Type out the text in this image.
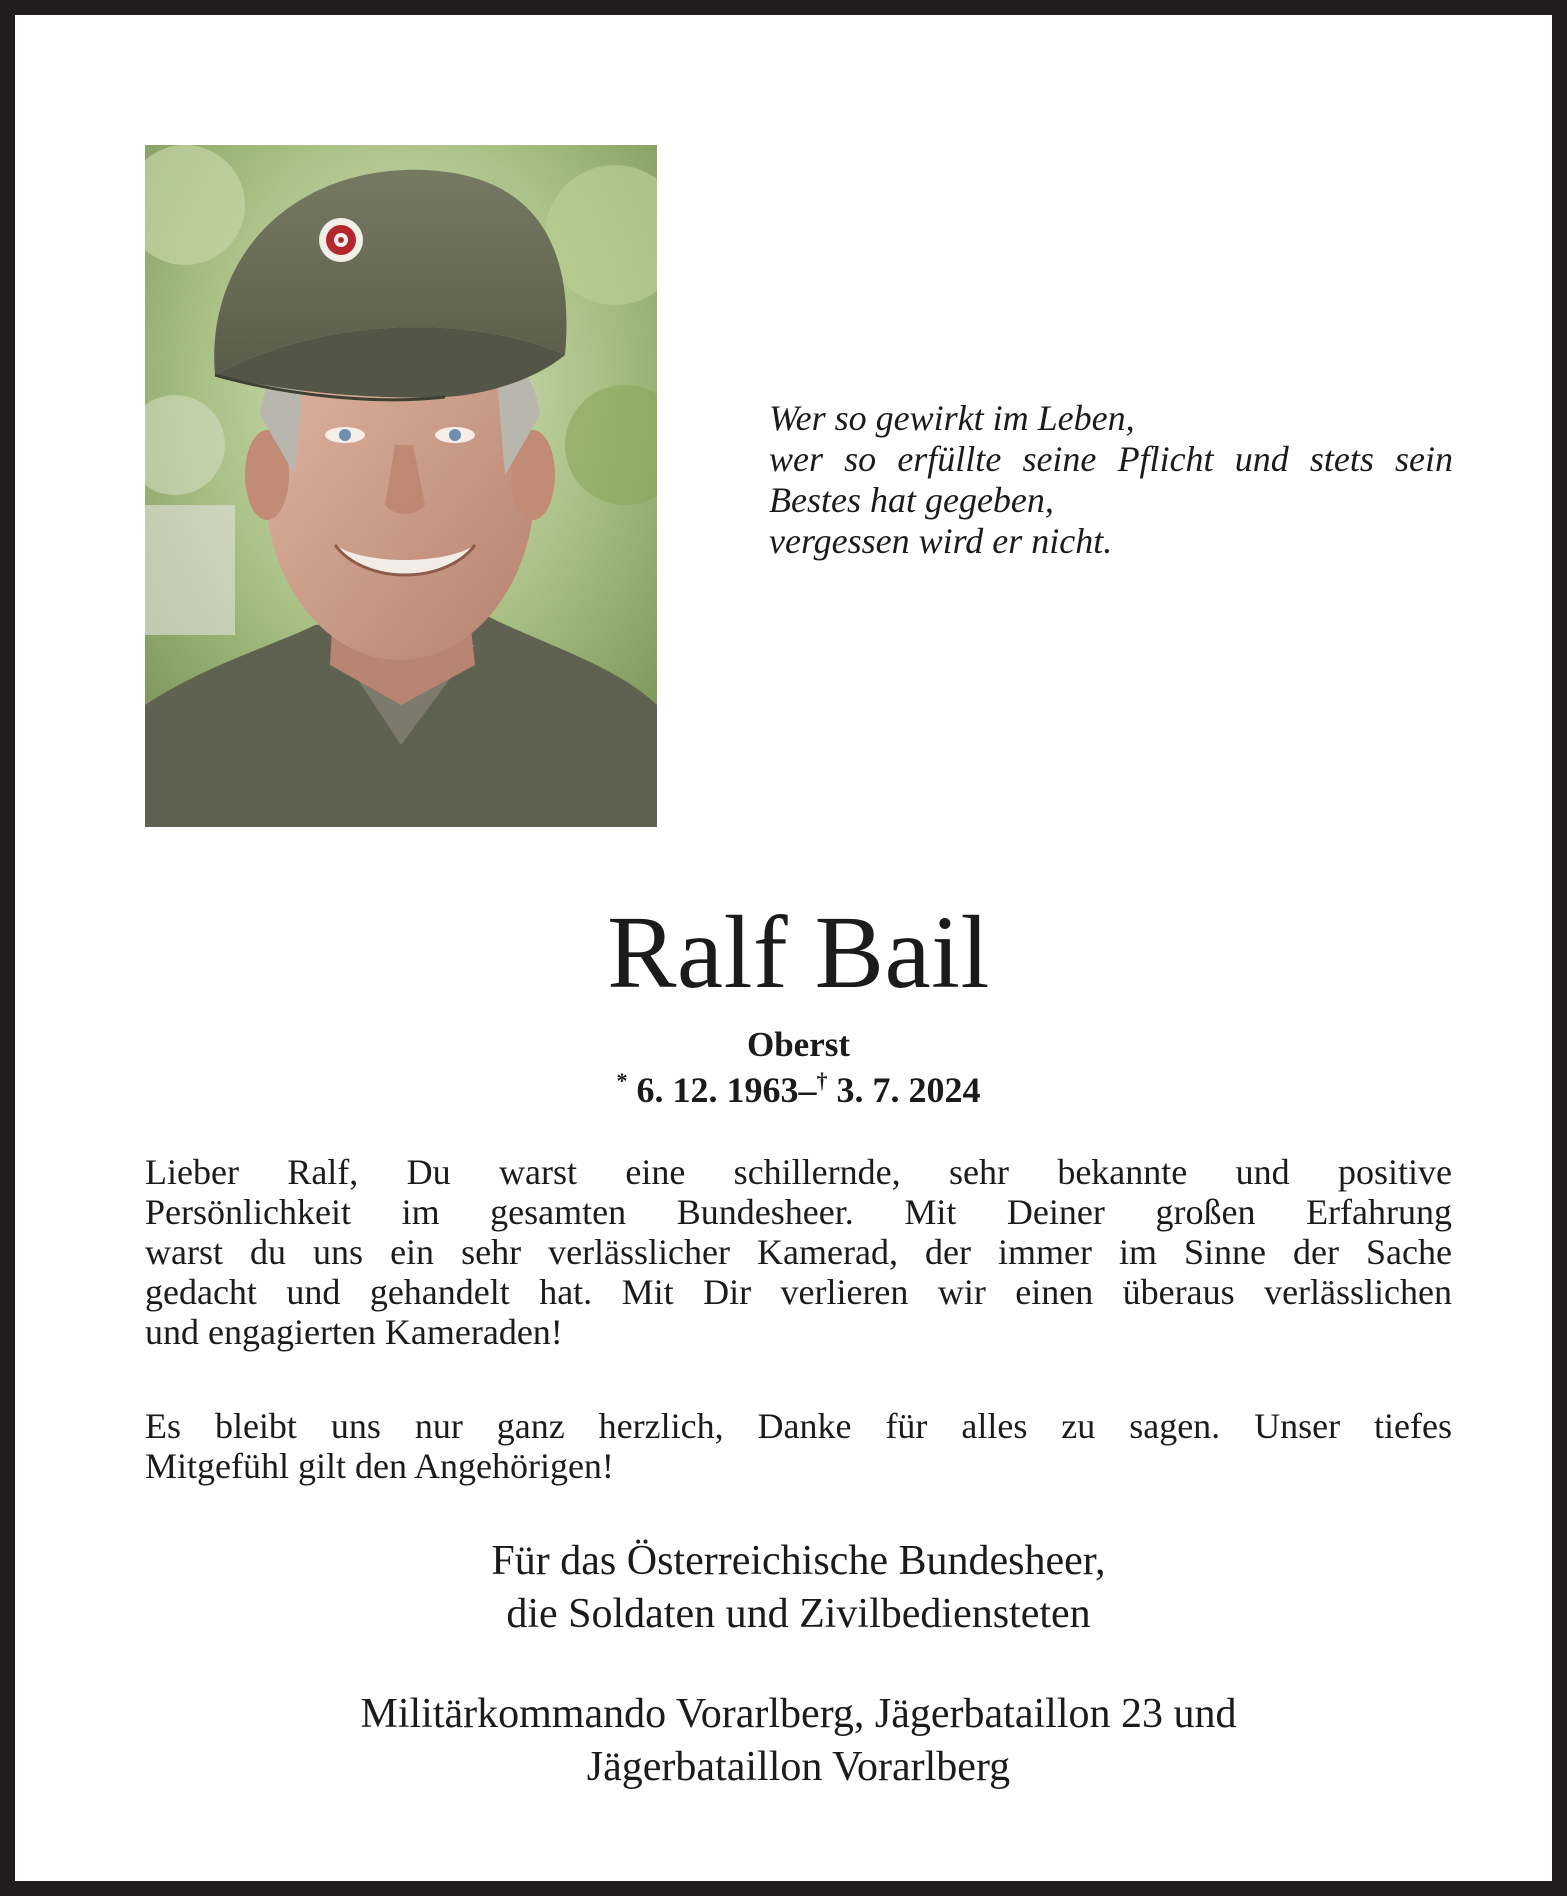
Wer so gewirkt im Leben,
wer so erfüllte seine Pflicht und stets sein
Bestes hat gegeben,
vergessen wird er nicht.
Ralf Bail
Oberst
* 6. 12. 1963–† 3. 7. 2024
Lieber Ralf, Du warst eine schillernde, sehr bekannte und positive
Persönlichkeit im gesamten Bundesheer. Mit Deiner großen Erfahrung
warst du uns ein sehr verlässlicher Kamerad, der immer im Sinne der Sache
gedacht und gehandelt hat. Mit Dir verlieren wir einen überaus verlässlichen
und engagierten Kameraden!
Es bleibt uns nur ganz herzlich, Danke für alles zu sagen. Unser tiefes
Mitgefühl gilt den Angehörigen!
Für das Österreichische Bundesheer,
die Soldaten und Zivilbediensteten
Militärkommando Vorarlberg, Jägerbataillon 23 und
Jägerbataillon Vorarlberg
